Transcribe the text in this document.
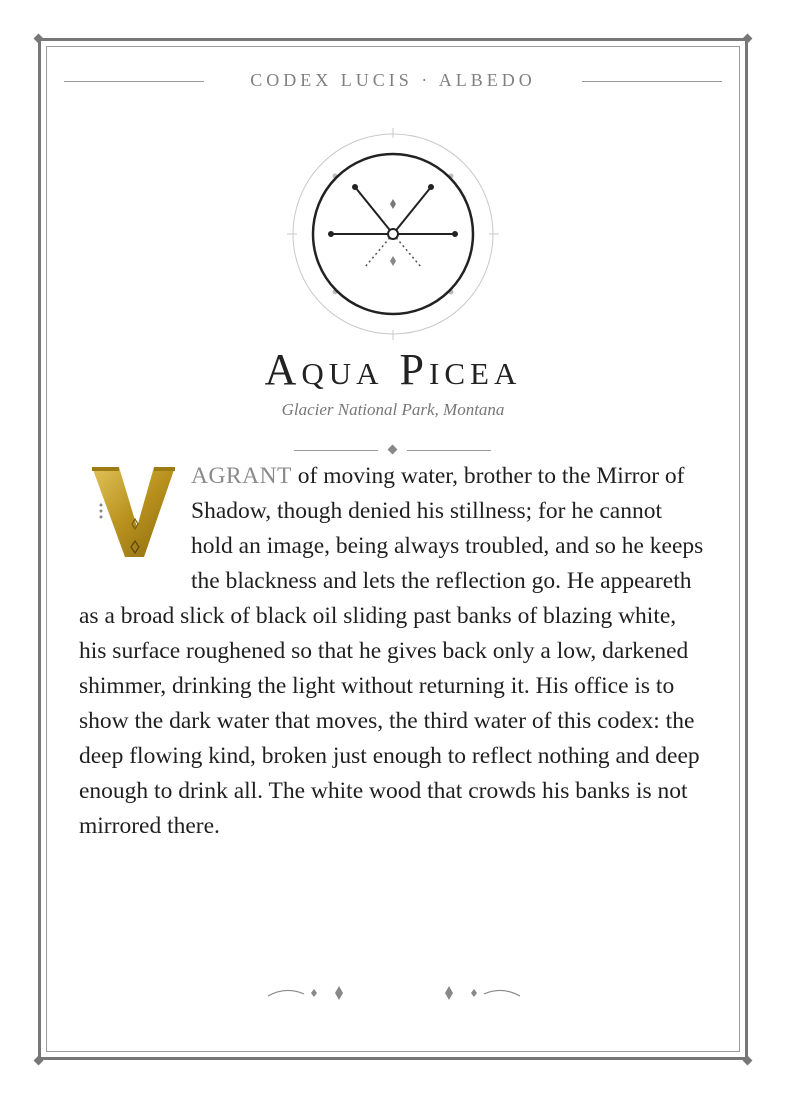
CODEX LUCIS · ALBEDO
Aqua Picea
Glacier National Park, Montana

AGRANT of moving water, brother to the Mirror of Shadow, though denied his stillness; for he cannot hold an image, being always troubled, and so he keeps the blackness and lets the reflection go. He appeareth as a broad slick of black oil sliding past banks of blazing white, his surface roughened so that he gives back only a low, darkened shimmer, drinking the light without returning it. His office is to show the dark water that moves, the third water of this codex: the deep flowing kind, broken just enough to reflect nothing and deep enough to drink all. The white wood that crowds his banks is not mirrored there.
